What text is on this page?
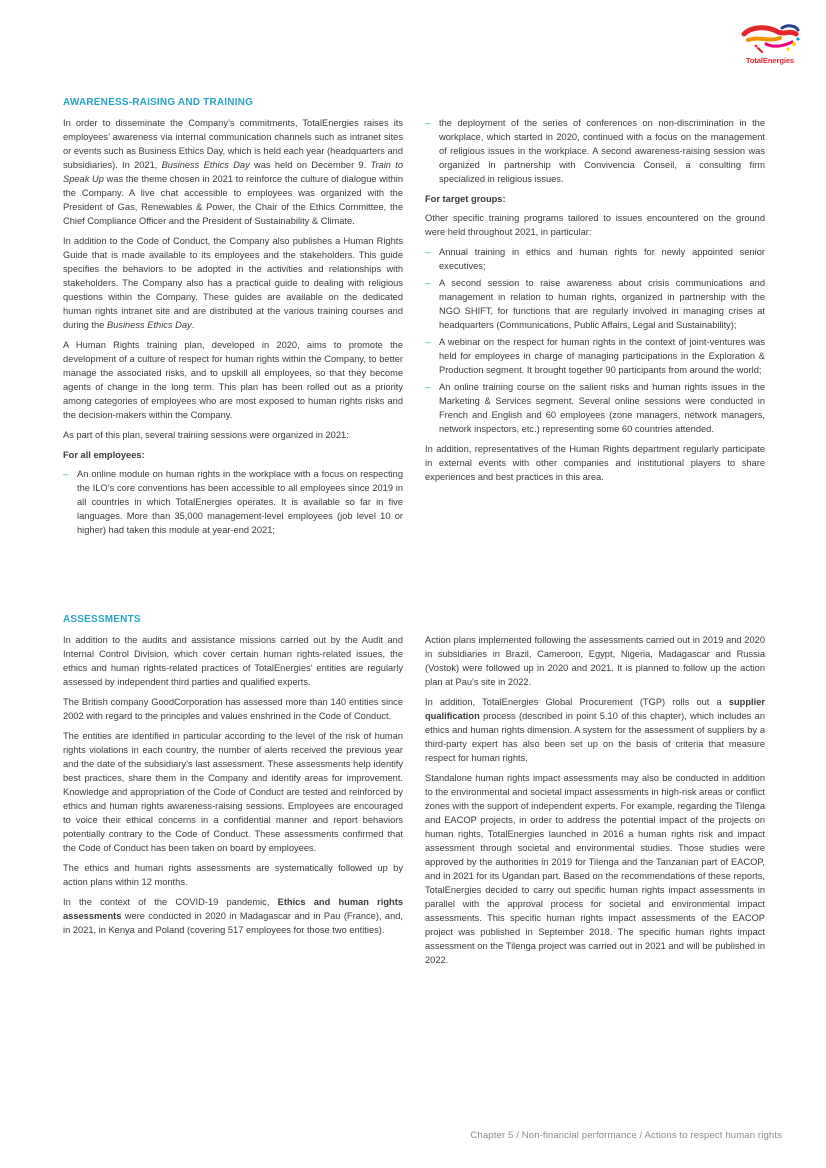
TotalEnergies
AWARENESS-RAISING AND TRAINING

In order to disseminate the Company’s commitments, TotalEnergies raises its employees’ awareness via internal communication channels such as intranet sites or events such as Business Ethics Day, which is held each year (headquarters and subsidiaries). In 2021, Business Ethics Day was held on December 9. Train to Speak Up was the theme chosen in 2021 to reinforce the culture of dialogue within the Company. A live chat accessible to employees was organized with the President of Gas, Renewables & Power, the Chair of the Ethics Committee, the Chief Compliance Officer and the President of Sustainability & Climate.

In addition to the Code of Conduct, the Company also publishes a Human Rights Guide that is made available to its employees and the stakeholders. This guide specifies the behaviors to be adopted in the activities and relationships with stakeholders. The Company also has a practical guide to dealing with religious questions within the Company. These guides are available on the dedicated human rights intranet site and are distributed at the various training courses and during the Business Ethics Day.

A Human Rights training plan, developed in 2020, aims to promote the development of a culture of respect for human rights within the Company, to better manage the associated risks, and to upskill all employees, so that they become agents of change in the long term. This plan has been rolled out as a priority among categories of employees who are most exposed to human rights risks and the decision-makers within the Company.

As part of this plan, several training sessions were organized in 2021:

For all employees:

– An online module on human rights in the workplace with a focus on respecting the ILO’s core conventions has been accessible to all employees since 2019 in all countries in which TotalEnergies operates. It is available so far in five languages. More than 35,000 management-level employees (job level 10 or higher) had taken this module at year-end 2021;
– the deployment of the series of conferences on non-discrimination in the workplace, which started in 2020, continued with a focus on the management of religious issues in the workplace. A second awareness-raising session was organized in partnership with Convivencia Conseil, a consulting firm specialized in religious issues.

For target groups:

Other specific training programs tailored to issues encountered on the ground were held throughout 2021, in particular:

– Annual training in ethics and human rights for newly appointed senior executives;
– A second session to raise awareness about crisis communications and management in relation to human rights, organized in partnership with the NGO SHIFT, for functions that are regularly involved in managing crises at headquarters (Communications, Public Affairs, Legal and Sustainability);
– A webinar on the respect for human rights in the context of joint-ventures was held for employees in charge of managing participations in the Exploration & Production segment. It brought together 90 participants from around the world;
– An online training course on the salient risks and human rights issues in the Marketing & Services segment. Several online sessions were conducted in French and English and 60 employees (zone managers, network managers, network inspectors, etc.) representing some 60 countries attended.

In addition, representatives of the Human Rights department regularly participate in external events with other companies and institutional players to share experiences and best practices in this area.

ASSESSMENTS

In addition to the audits and assistance missions carried out by the Audit and Internal Control Division, which cover certain human rights-related issues, the ethics and human rights-related practices of TotalEnergies’ entities are regularly assessed by independent third parties and qualified experts.

The British company GoodCorporation has assessed more than 140 entities since 2002 with regard to the principles and values enshrined in the Code of Conduct.

The entities are identified in particular according to the level of the risk of human rights violations in each country, the number of alerts received the previous year and the date of the subsidiary’s last assessment. These assessments help identify best practices, share them in the Company and identify areas for improvement. Knowledge and appropriation of the Code of Conduct are tested and reinforced by ethics and human rights awareness-raising sessions. Employees are encouraged to voice their ethical concerns in a confidential manner and report behaviors potentially contrary to the Code of Conduct. These assessments confirmed that the Code of Conduct has been taken on board by employees.

The ethics and human rights assessments are systematically followed up by action plans within 12 months.

In the context of the COVID-19 pandemic, Ethics and human rights assessments were conducted in 2020 in Madagascar and in Pau (France), and, in 2021, in Kenya and Poland (covering 517 employees for those two entities).

Action plans implemented following the assessments carried out in 2019 and 2020 in subsidiaries in Brazil, Cameroon, Egypt, Nigeria, Madagascar and Russia (Vostok) were followed up in 2020 and 2021. It is planned to follow up the action plan at Pau's site in 2022.

In addition, TotalEnergies Global Procurement (TGP) rolls out a supplier qualification process (described in point 5.10 of this chapter), which includes an ethics and human rights dimension. A system for the assessment of suppliers by a third-party expert has also been set up on the basis of criteria that measure respect for human rights.

Standalone human rights impact assessments may also be conducted in addition to the environmental and societal impact assessments in high-risk areas or conflict zones with the support of independent experts. For example, regarding the Tilenga and EACOP projects, in order to address the potential impact of the projects on human rights, TotalEnergies launched in 2016 a human rights risk and impact assessment through societal and environmental studies. Those studies were approved by the authorities in 2019 for Tilenga and the Tanzanian part of EACOP, and in 2021 for its Ugandan part. Based on the recommendations of these reports, TotalEnergies decided to carry out specific human rights impact assessments in parallel with the approval process for societal and environmental impact assessments. This specific human rights impact assessments of the EACOP project was published in September 2018. The specific human rights impact assessment on the Tilenga project was carried out in 2021 and will be published in 2022.

Chapter 5 / Non-financial performance / Actions to respect human rights
